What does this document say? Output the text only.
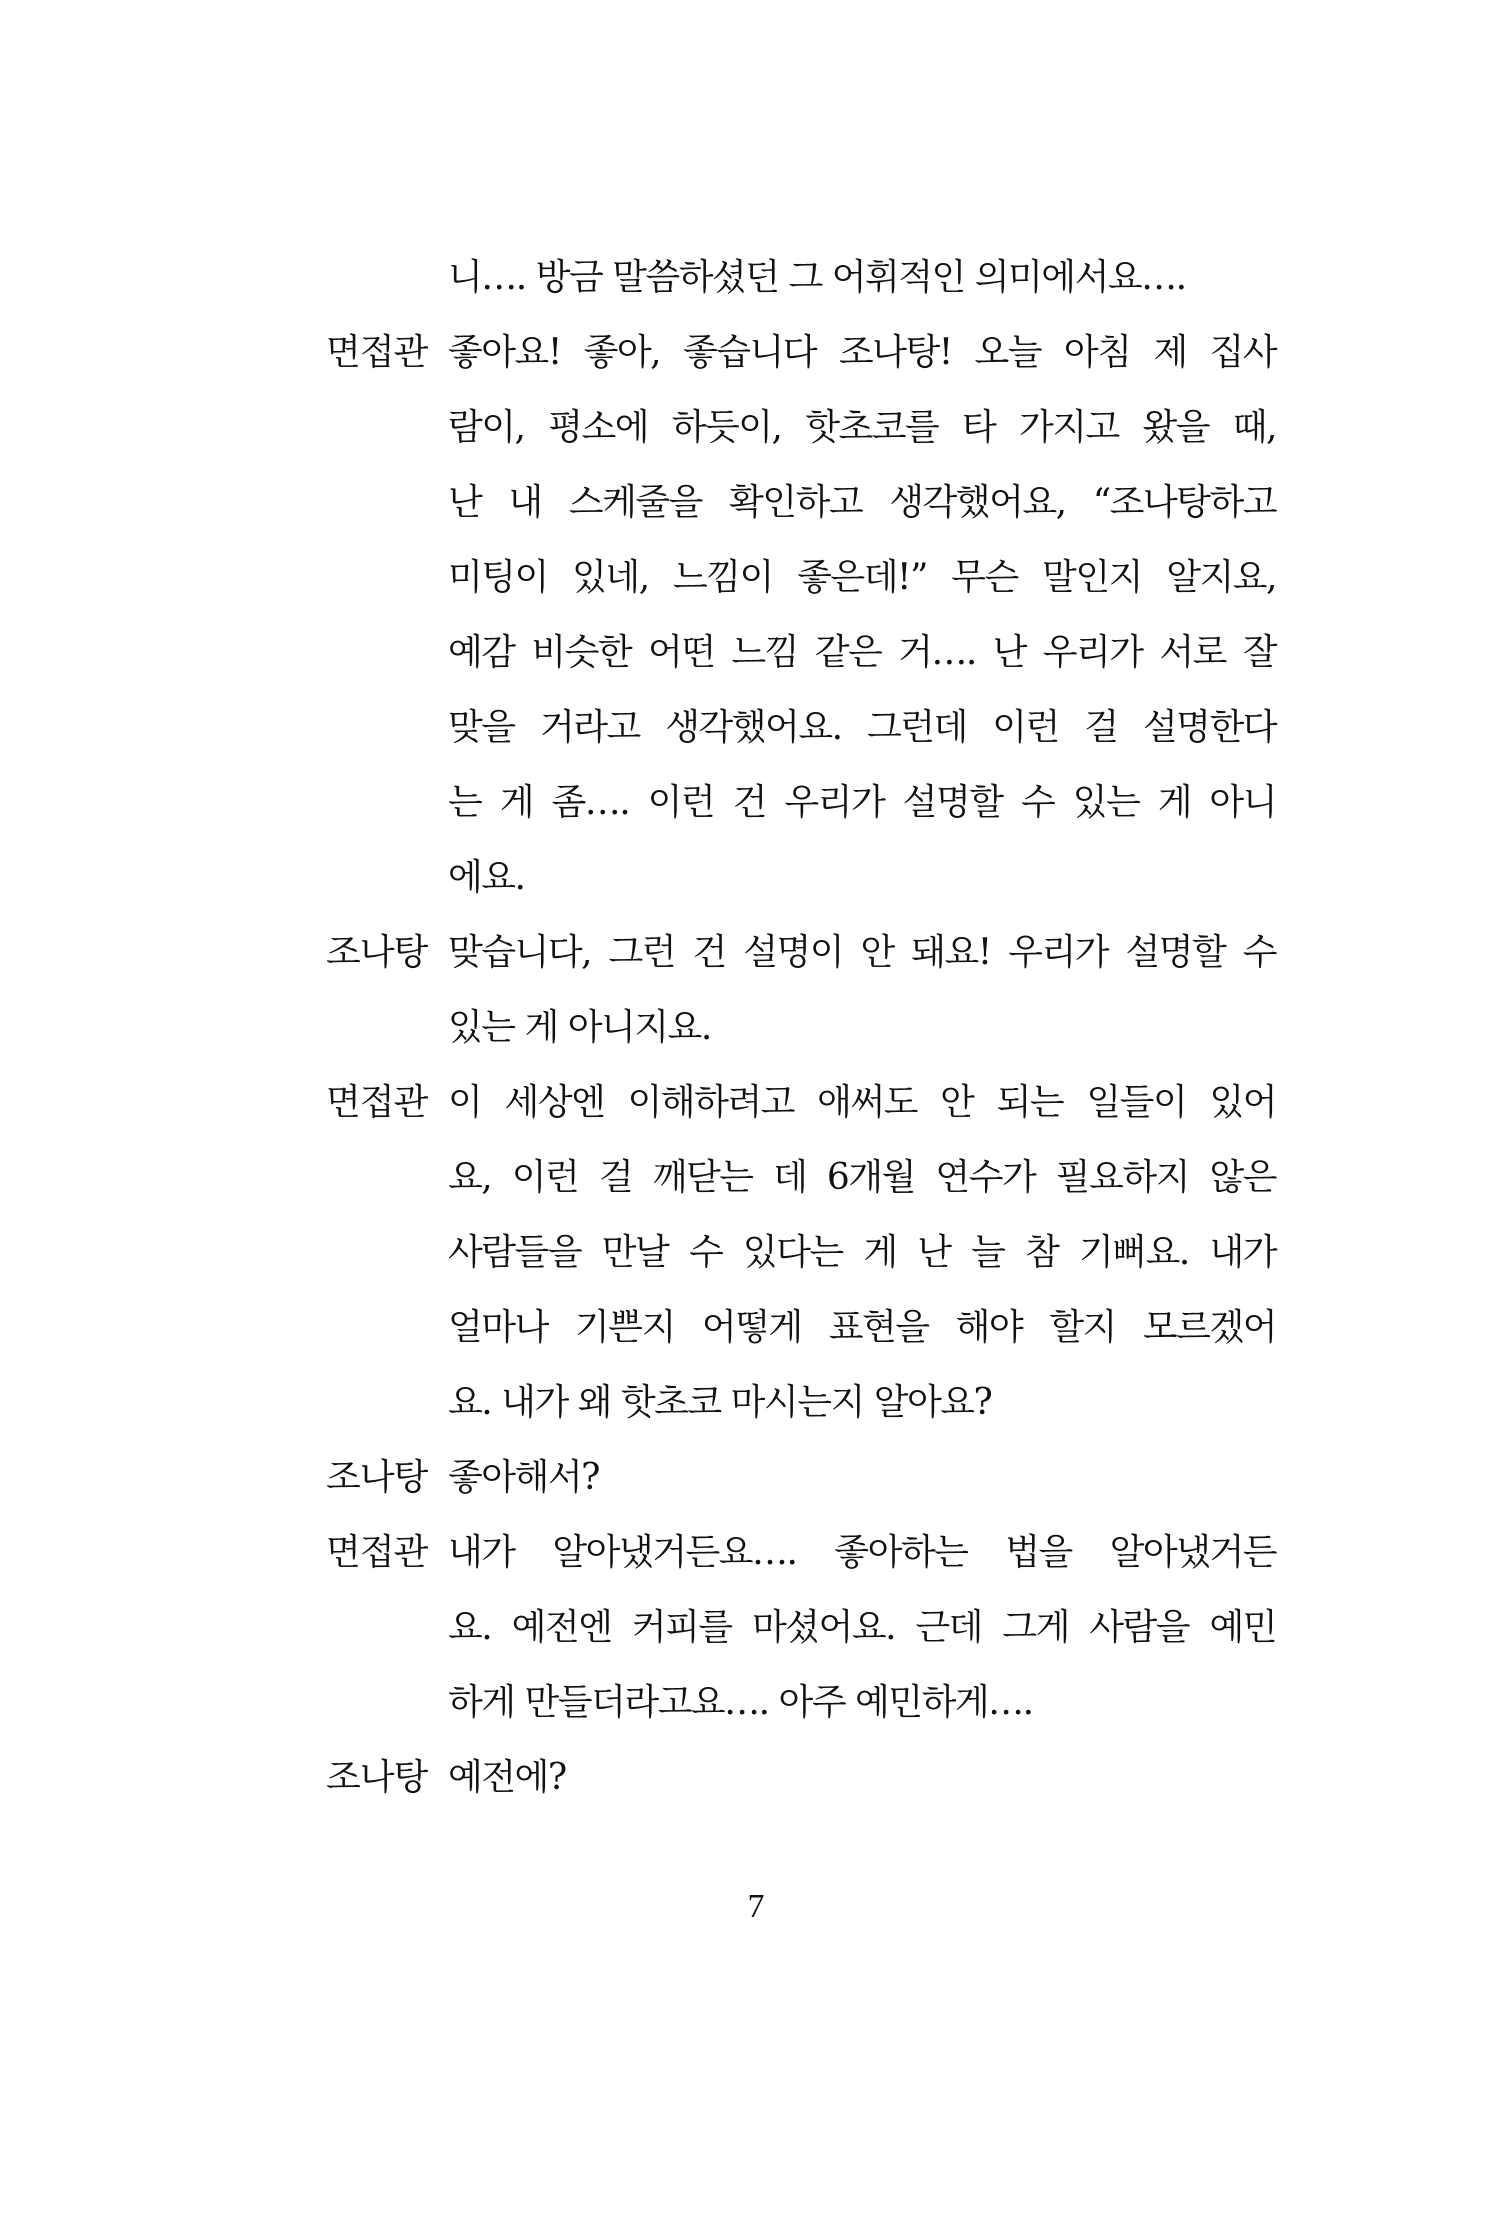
니…. 방금 말씀하셨던 그 어휘적인 의미에서요….
면접관 좋아요! 좋아, 좋습니다 조나탕! 오늘 아침 제 집사
람이, 평소에 하듯이, 핫초코를 타 가지고 왔을 때,
난 내 스케줄을 확인하고 생각했어요, “조나탕하고
미팅이 있네, 느낌이 좋은데!” 무슨 말인지 알지요,
예감 비슷한 어떤 느낌 같은 거…. 난 우리가 서로 잘
맞을 거라고 생각했어요. 그런데 이런 걸 설명한다
는 게 좀…. 이런 건 우리가 설명할 수 있는 게 아니
에요.
조나탕 맞습니다, 그런 건 설명이 안 돼요! 우리가 설명할 수
있는 게 아니지요.
면접관 이 세상엔 이해하려고 애써도 안 되는 일들이 있어
요, 이런 걸 깨닫는 데 6개월 연수가 필요하지 않은
사람들을 만날 수 있다는 게 난 늘 참 기뻐요. 내가
얼마나 기쁜지 어떻게 표현을 해야 할지 모르겠어
요. 내가 왜 핫초코 마시는지 알아요?
조나탕 좋아해서?
면접관 내가 알아냈거든요…. 좋아하는 법을 알아냈거든
요. 예전엔 커피를 마셨어요. 근데 그게 사람을 예민
하게 만들더라고요…. 아주 예민하게….
조나탕 예전에?
7
